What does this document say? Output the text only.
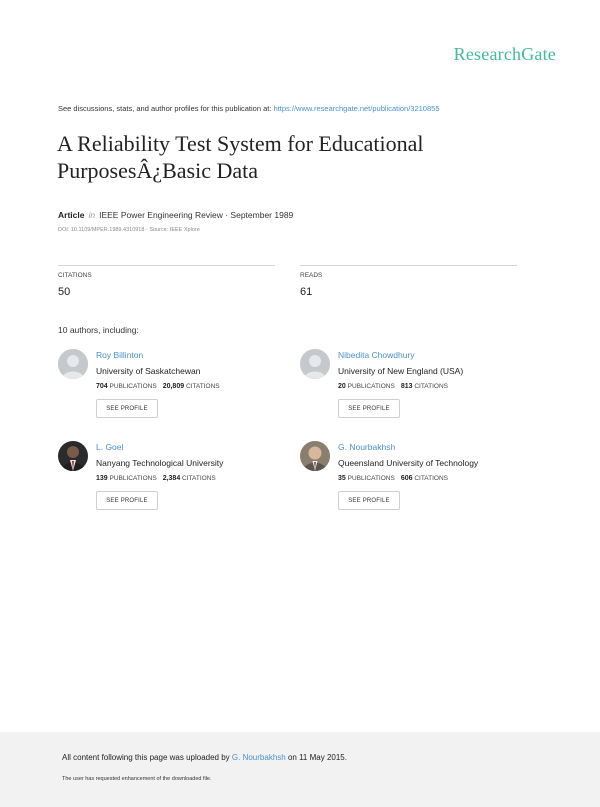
ResearchGate
See discussions, stats, and author profiles for this publication at: https://www.researchgate.net/publication/3210855
A Reliability Test System for Educational PurposesÂ¿Basic Data
Article in IEEE Power Engineering Review · September 1989
DOI: 10.1109/MPER.1989.4310918 · Source: IEEE Xplore
CITATIONS
50
READS
61
10 authors, including:
Roy Billinton
University of Saskatchewan
704 PUBLICATIONS 20,809 CITATIONS
SEE PROFILE
Nibedita Chowdhury
University of New England (USA)
20 PUBLICATIONS 813 CITATIONS
SEE PROFILE
L. Goel
Nanyang Technological University
139 PUBLICATIONS 2,384 CITATIONS
SEE PROFILE
G. Nourbakhsh
Queensland University of Technology
35 PUBLICATIONS 606 CITATIONS
SEE PROFILE
All content following this page was uploaded by G. Nourbakhsh on 11 May 2015.
The user has requested enhancement of the downloaded file.
